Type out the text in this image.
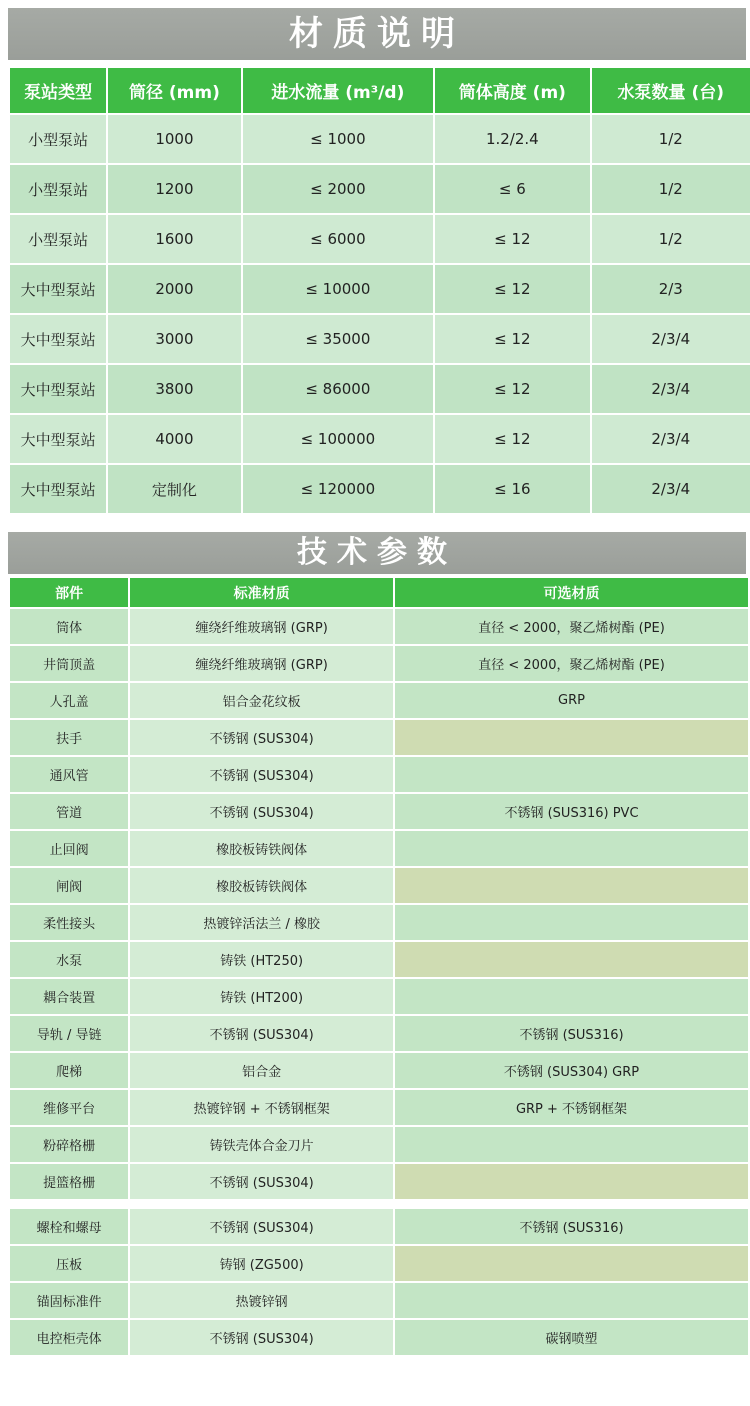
材质说明
泵站类型	筒径 (mm)	进水流量 (m³/d)	筒体高度 (m)	水泵数量 (台)
小型泵站	1000	≤ 1000	1.2/2.4	1/2
小型泵站	1200	≤ 2000	≤ 6	1/2
小型泵站	1600	≤ 6000	≤ 12	1/2
大中型泵站	2000	≤ 10000	≤ 12	2/3
大中型泵站	3000	≤ 35000	≤ 12	2/3/4
大中型泵站	3800	≤ 86000	≤ 12	2/3/4
大中型泵站	4000	≤ 100000	≤ 12	2/3/4
大中型泵站	定制化	≤ 120000	≤ 16	2/3/4
技术参数
部件	标准材质	可选材质
筒体	缠绕纤维玻璃钢 (GRP)	直径 < 2000，聚乙烯树酯 (PE)
井筒顶盖	缠绕纤维玻璃钢 (GRP)	直径 < 2000，聚乙烯树酯 (PE)
人孔盖	铝合金花纹板	GRP
扶手	不锈钢 (SUS304)	
通风管	不锈钢 (SUS304)	
管道	不锈钢 (SUS304)	不锈钢 (SUS316) PVC
止回阀	橡胶板铸铁阀体	
闸阀	橡胶板铸铁阀体	
柔性接头	热镀锌活法兰 / 橡胶	
水泵	铸铁 (HT250)	
耦合装置	铸铁 (HT200)	
导轨 / 导链	不锈钢 (SUS304)	不锈钢 (SUS316)
爬梯	铝合金	不锈钢 (SUS304) GRP
维修平台	热镀锌钢 + 不锈钢框架	GRP + 不锈钢框架
粉碎格栅	铸铁壳体合金刀片	
提篮格栅	不锈钢 (SUS304)	

螺栓和螺母	不锈钢 (SUS304)	不锈钢 (SUS316)
压板	铸钢 (ZG500)	
锚固标准件	热镀锌钢	
电控柜壳体	不锈钢 (SUS304)	碳钢喷塑
